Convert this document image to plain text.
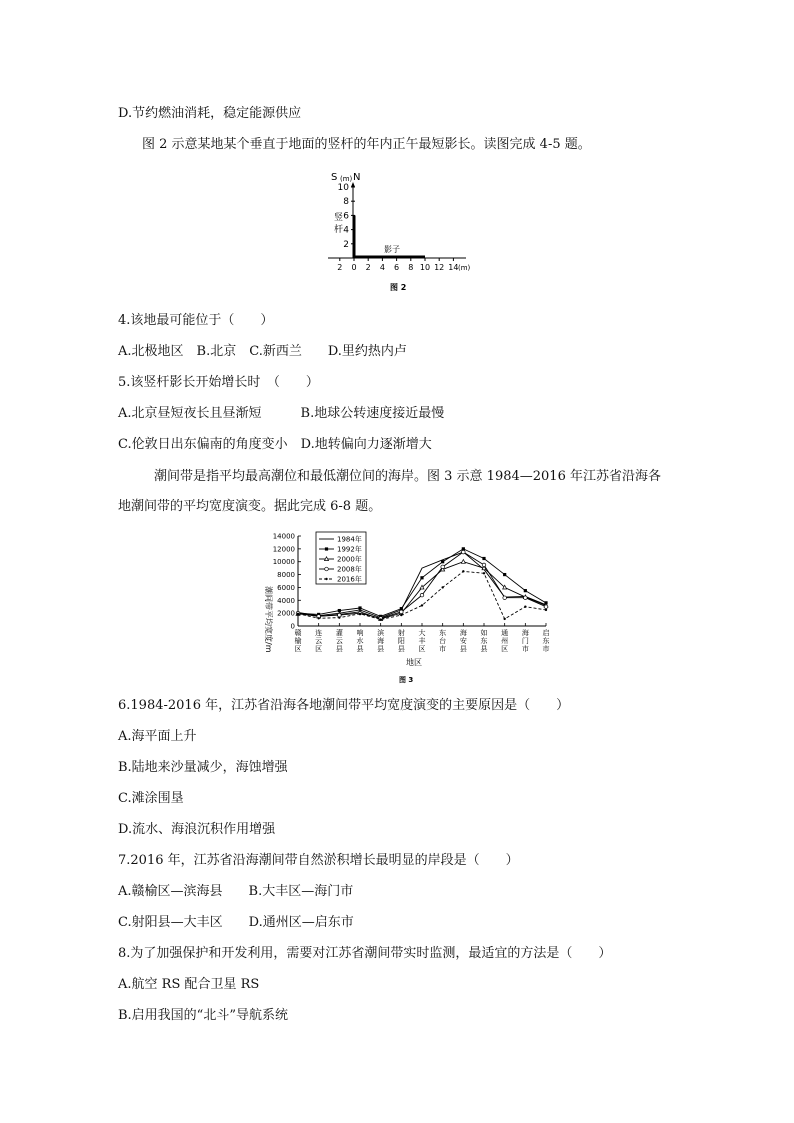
D.节约燃油消耗，稳定能源供应
图 2 示意某地某个垂直于地面的竖杆的年内正午最短影长。读图完成 4-5 题。
S (m) N
2
4
6
8
10
竖
杆
影子
2 0 2 4 6 8 10 12 14 (m)
图 2
4.该地最可能位于（　　）
A.北极地区　B.北京　C.新西兰　　D.里约热内卢
5.该竖杆影长开始增长时　（　　）
A.北京昼短夜长且昼渐短　　　B.地球公转速度接近最慢
C.伦敦日出东偏南的角度变小　D.地转偏向力逐渐增大
潮间带是指平均最高潮位和最低潮位间的海岸。图 3 示意 1984—2016 年江苏省沿海各
地潮间带的平均宽度演变。据此完成 6-8 题。
潮间带平均宽度/m	0
2000
4000
6000
8000
10000
12000
14000
赣榆区
连云区
灌云县
响水县
滨海县
射阳县
大丰区
东台市
海安县
如东县
通州区
海门市
启东市
1984年
1992年
2000年
2008年
2016年
地区
图 3
6.1984-2016 年，江苏省沿海各地潮间带平均宽度演变的主要原因是（　　）
A.海平面上升
B.陆地来沙量减少，海蚀增强
C.滩涂围垦
D.流水、海浪沉积作用增强
7.2016 年，江苏省沿海潮间带自然淤积增长最明显的岸段是（　　）
A.赣榆区—滨海县　　B.大丰区—海门市
C.射阳县—大丰区　　D.通州区—启东市
8.为了加强保护和开发利用，需要对江苏省潮间带实时监测，最适宜的方法是（　　）
A.航空 RS 配合卫星 RS
B.启用我国的“北斗”导航系统
